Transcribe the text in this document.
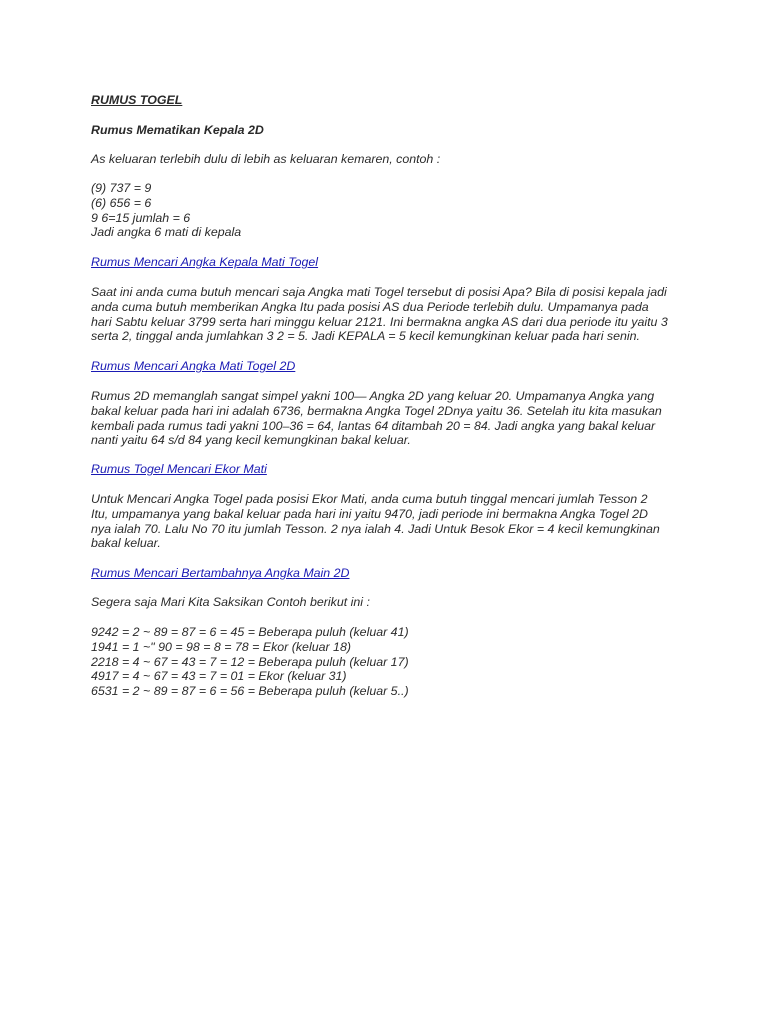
RUMUS TOGEL

Rumus Mematikan Kepala 2D

As keluaran terlebih dulu di lebih as keluaran kemaren, contoh :

(9) 737 = 9

(6) 656 = 6

9 6=15 jumlah = 6

Jadi angka 6 mati di kepala

Rumus Mencari Angka Kepala Mati Togel

Saat ini anda cuma butuh mencari saja Angka mati Togel tersebut di posisi Apa? Bila di posisi kepala jadi

anda cuma butuh memberikan Angka Itu pada posisi AS dua Periode terlebih dulu. Umpamanya pada

hari Sabtu keluar 3799 serta hari minggu keluar 2121. Ini bermakna angka AS dari dua periode itu yaitu 3

serta 2, tinggal anda jumlahkan 3 2 = 5. Jadi KEPALA = 5 kecil kemungkinan keluar pada hari senin.

Rumus Mencari Angka Mati Togel 2D

Rumus 2D memanglah sangat simpel yakni 100— Angka 2D yang keluar 20. Umpamanya Angka yang

bakal keluar pada hari ini adalah 6736, bermakna Angka Togel 2Dnya yaitu 36. Setelah itu kita masukan

kembali pada rumus tadi yakni 100–36 = 64, lantas 64 ditambah 20 = 84. Jadi angka yang bakal keluar

nanti yaitu 64 s/d 84 yang kecil kemungkinan bakal keluar.

Rumus Togel Mencari Ekor Mati

Untuk Mencari Angka Togel pada posisi Ekor Mati, anda cuma butuh tinggal mencari jumlah Tesson 2

Itu, umpamanya yang bakal keluar pada hari ini yaitu 9470, jadi periode ini bermakna Angka Togel 2D

nya ialah 70. Lalu No 70 itu jumlah Tesson. 2 nya ialah 4. Jadi Untuk Besok Ekor = 4 kecil kemungkinan

bakal keluar.

Rumus Mencari Bertambahnya Angka Main 2D

Segera saja Mari Kita Saksikan Contoh berikut ini :

9242 = 2 ~ 89 = 87 = 6 = 45 = Beberapa puluh (keluar 41)

1941 = 1 ~" 90 = 98 = 8 = 78 = Ekor (keluar 18)

2218 = 4 ~ 67 = 43 = 7 = 12 = Beberapa puluh (keluar 17)

4917 = 4 ~ 67 = 43 = 7 = 01 = Ekor (keluar 31)

6531 = 2 ~ 89 = 87 = 6 = 56 = Beberapa puluh (keluar 5..)
